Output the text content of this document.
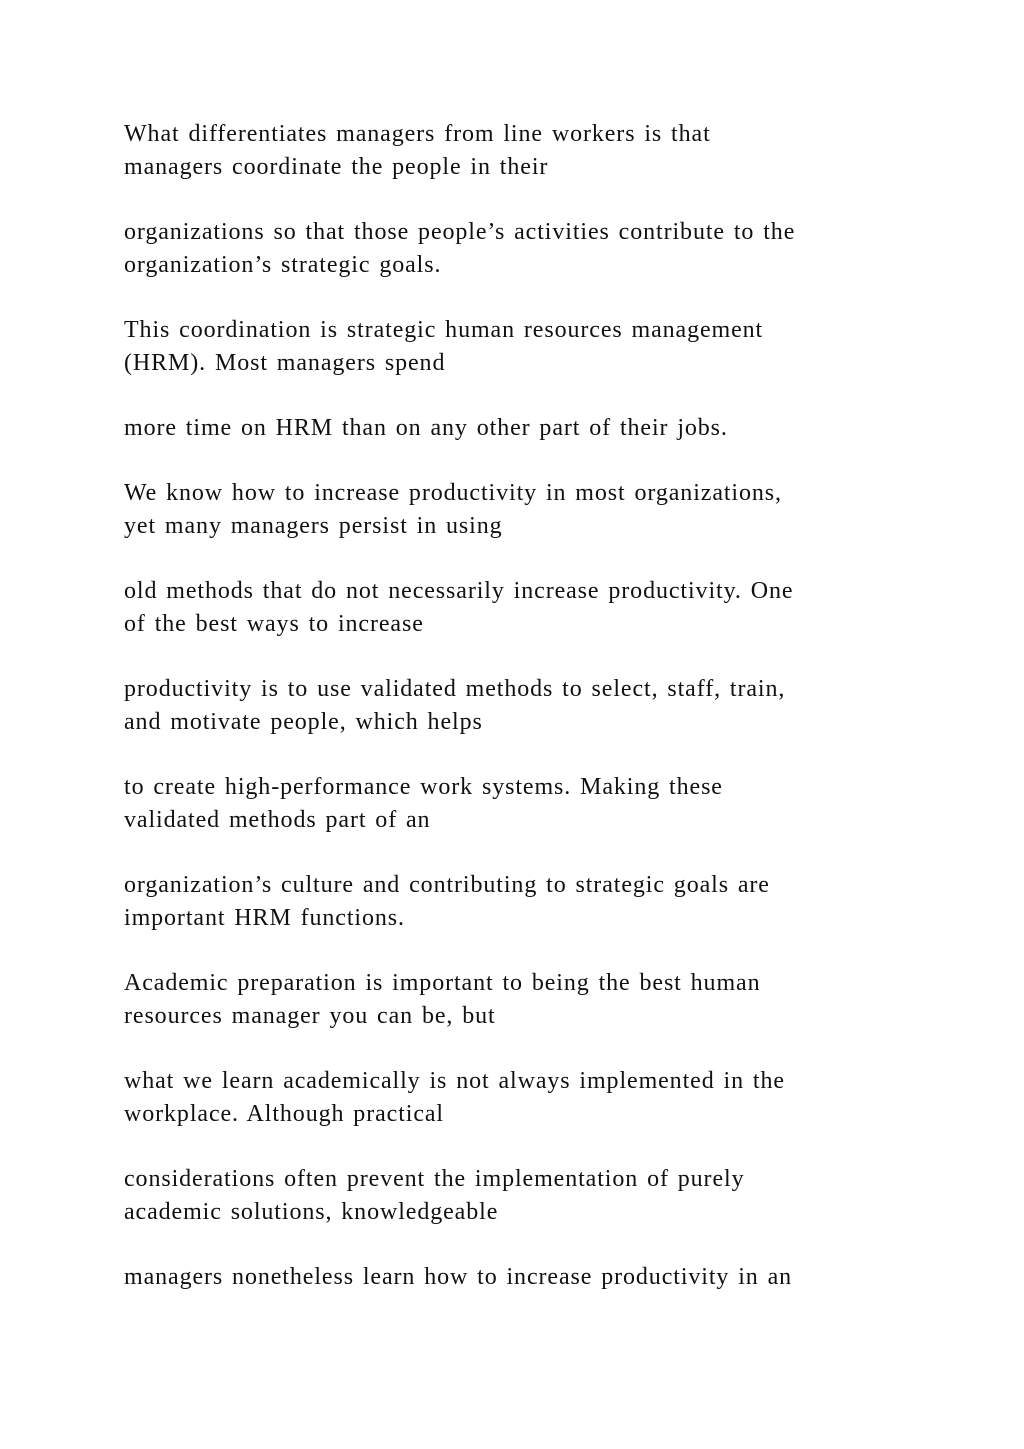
What differentiates managers from line workers is that
managers coordinate the people in their

organizations so that those people’s activities contribute to the
organization’s strategic goals.

This coordination is strategic human resources management
(HRM). Most managers spend

more time on HRM than on any other part of their jobs.

We know how to increase productivity in most organizations,
yet many managers persist in using

old methods that do not necessarily increase productivity. One
of the best ways to increase

productivity is to use validated methods to select, staff, train,
and motivate people, which helps

to create high-performance work systems. Making these
validated methods part of an

organization’s culture and contributing to strategic goals are
important HRM functions.

Academic preparation is important to being the best human
resources manager you can be, but

what we learn academically is not always implemented in the
workplace. Although practical

considerations often prevent the implementation of purely
academic solutions, knowledgeable

managers nonetheless learn how to increase productivity in an
